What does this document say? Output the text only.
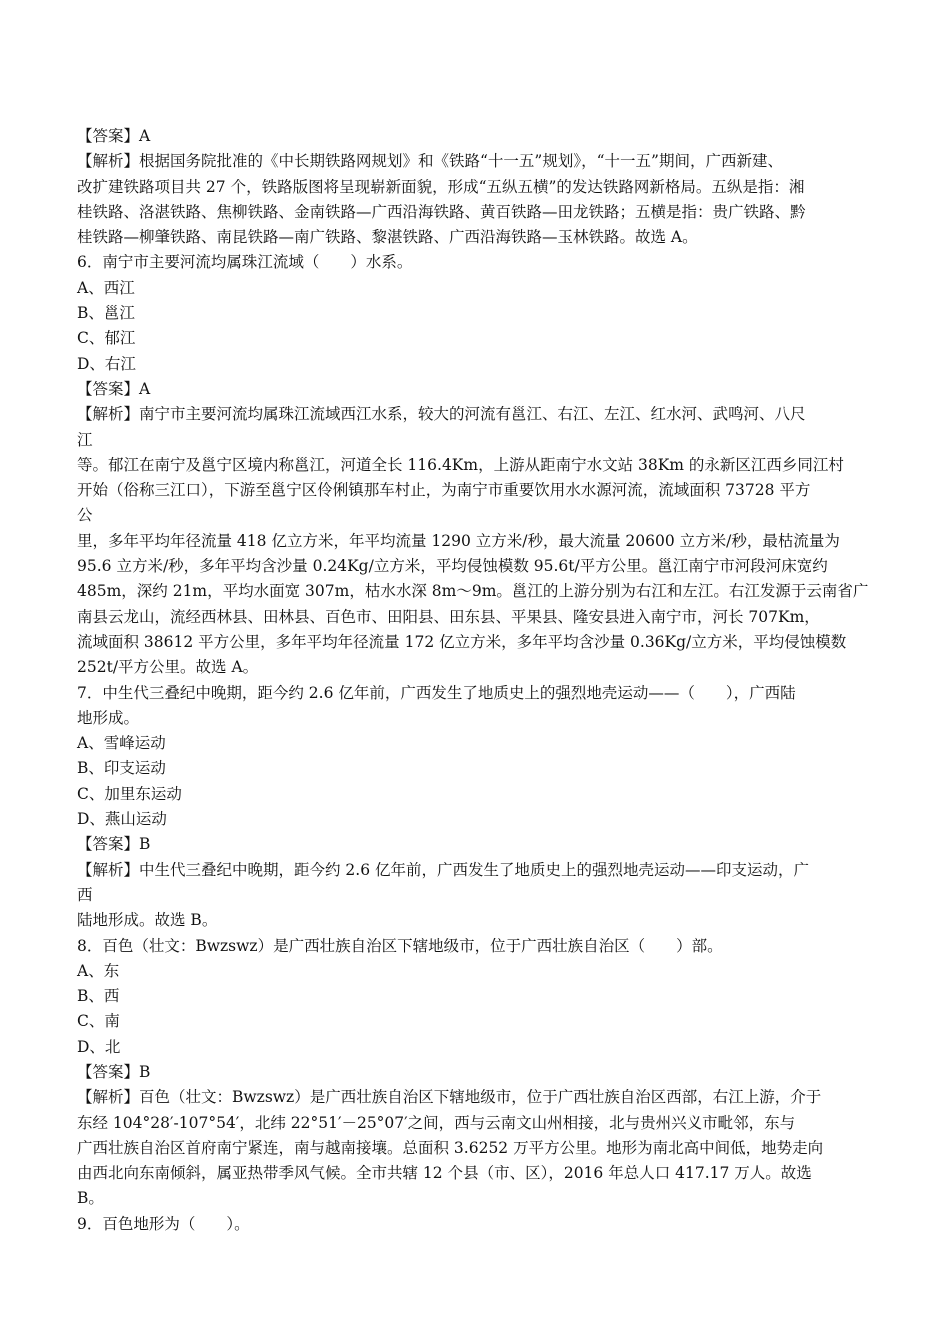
【答案】A
【解析】根据国务院批准的《中长期铁路网规划》和《铁路“十一五”规划》，“十一五”期间，广西新建、
改扩建铁路项目共 27 个，铁路版图将呈现崭新面貌，形成“五纵五横”的发达铁路网新格局。五纵是指：湘
桂铁路、洛湛铁路、焦柳铁路、金南铁路—广西沿海铁路、黄百铁路—田龙铁路；五横是指：贵广铁路、黔
桂铁路—柳肇铁路、南昆铁路—南广铁路、黎湛铁路、广西沿海铁路—玉林铁路。故选 A。
6．南宁市主要河流均属珠江流域（　　）水系。
A、西江
B、邕江
C、郁江
D、右江
【答案】A
【解析】南宁市主要河流均属珠江流域西江水系，较大的河流有邕江、右江、左江、红水河、武鸣河、八尺
江
等。郁江在南宁及邕宁区境内称邕江，河道全长 116.4Km，上游从距南宁水文站 38Km 的永新区江西乡同江村
开始（俗称三江口），下游至邕宁区伶俐镇那车村止，为南宁市重要饮用水水源河流，流域面积 73728 平方
公
里，多年平均年径流量 418 亿立方米，年平均流量 1290 立方米/秒，最大流量 20600 立方米/秒，最枯流量为
95.6 立方米/秒，多年平均含沙量 0.24Kg/立方米，平均侵蚀模数 95.6t/平方公里。邕江南宁市河段河床宽约
485m，深约 21m，平均水面宽 307m，枯水水深 8m～9m。邕江的上游分别为右江和左江。右江发源于云南省广
南县云龙山，流经西林县、田林县、百色市、田阳县、田东县、平果县、隆安县进入南宁市，河长 707Km，
流域面积 38612 平方公里，多年平均年径流量 172 亿立方米，多年平均含沙量 0.36Kg/立方米，平均侵蚀模数
252t/平方公里。故选 A。
7．中生代三叠纪中晚期，距今约 2.6 亿年前，广西发生了地质史上的强烈地壳运动——（　　），广西陆
地形成。
A、雪峰运动
B、印支运动
C、加里东运动
D、燕山运动
【答案】B
【解析】中生代三叠纪中晚期，距今约 2.6 亿年前，广西发生了地质史上的强烈地壳运动——印支运动，广
西
陆地形成。故选 B。
8．百色（壮文：Bwzswz）是广西壮族自治区下辖地级市，位于广西壮族自治区（　　）部。
A、东
B、西
C、南
D、北
【答案】B
【解析】百色（壮文：Bwzswz）是广西壮族自治区下辖地级市，位于广西壮族自治区西部，右江上游，介于
东经 104°28′-107°54′，北纬 22°51′－25°07′之间，西与云南文山州相接，北与贵州兴义市毗邻，东与
广西壮族自治区首府南宁紧连，南与越南接壤。总面积 3.6252 万平方公里。地形为南北高中间低，地势走向
由西北向东南倾斜，属亚热带季风气候。全市共辖 12 个县（市、区），2016 年总人口 417.17 万人。故选
B。
9．百色地形为（　　）。
